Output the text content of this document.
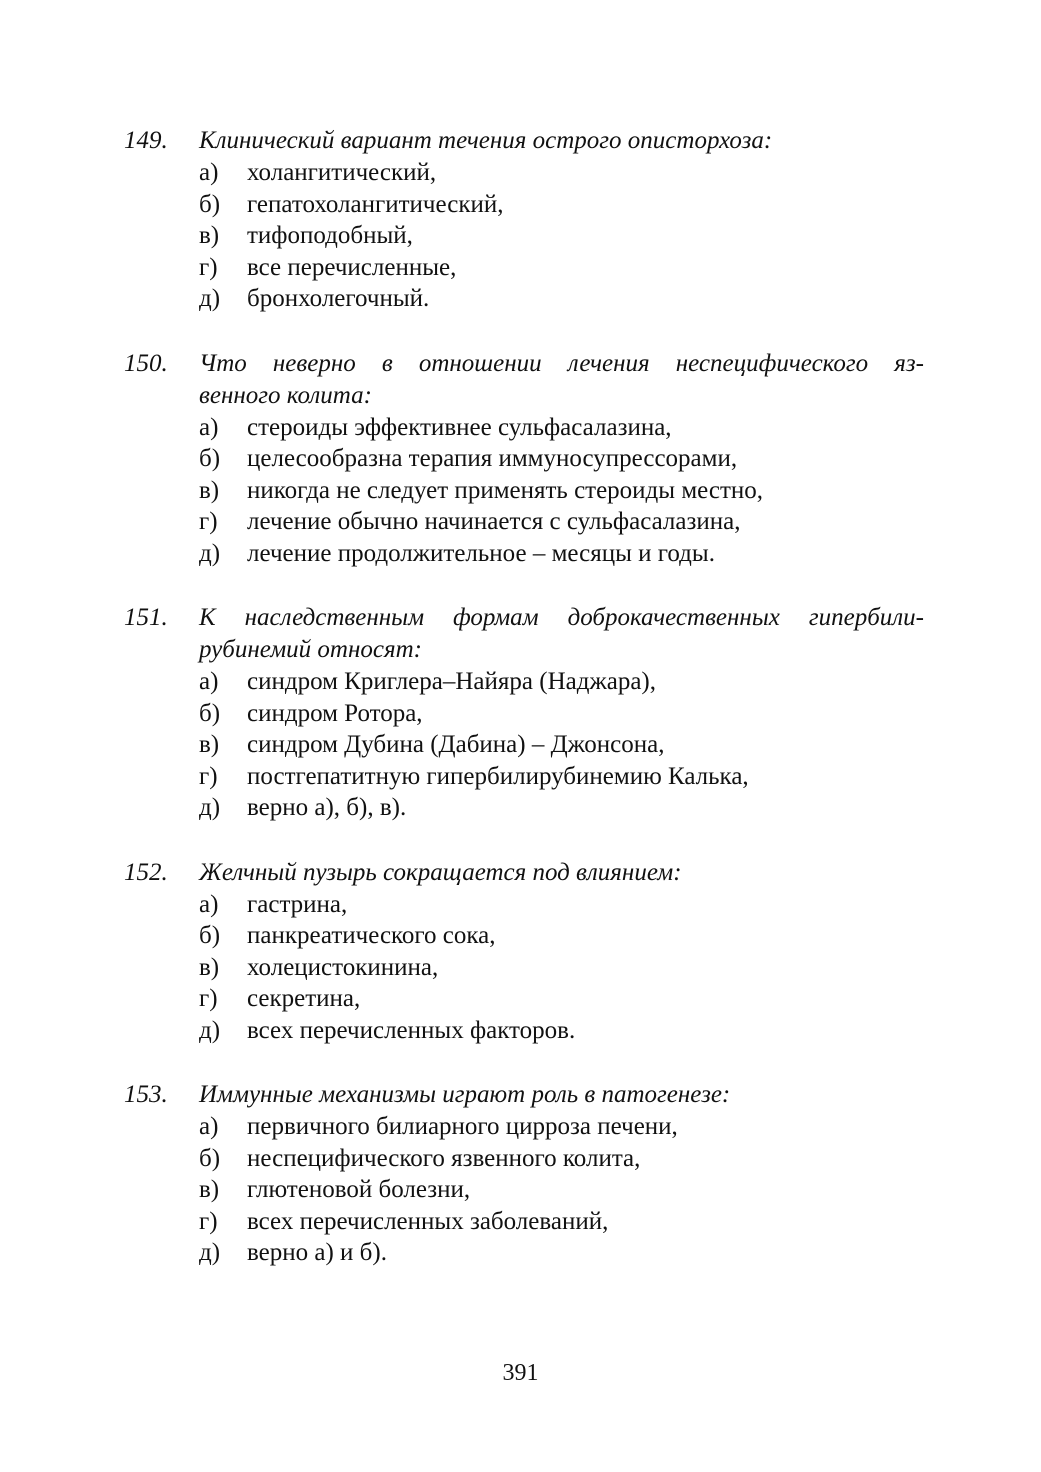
149.	Клинический вариант течения острого описторхоза:
а)	холангитический,
б)	гепатохолангитический,
в)	тифоподобный,
г)	все перечисленные,
д)	бронхолегочный.
150.	Что неверно в отношении лечения неспецифического яз-
венного колита:
а)	стероиды эффективнее сульфасалазина,
б)	целесообразна терапия иммуносупрессорами,
в)	никогда не следует применять стероиды местно,
г)	лечение обычно начинается с сульфасалазина,
д)	лечение продолжительное – месяцы и годы.
151.	К наследственным формам доброкачественных гипербили-
рубинемий относят:
а)	синдром Криглера–Найяра (Наджара),
б)	синдром Ротора,
в)	синдром Дубина (Дабина) – Джонсона,
г)	постгепатитную гипербилирубинемию Калька,
д)	верно а), б), в).
152.	Желчный пузырь сокращается под влиянием:
а)	гастрина,
б)	панкреатического сока,
в)	холецистокинина,
г)	секретина,
д)	всех перечисленных факторов.
153.	Иммунные механизмы играют роль в патогенезе:
а)	первичного билиарного цирроза печени,
б)	неспецифического язвенного колита,
в)	глютеновой болезни,
г)	всех перечисленных заболеваний,
д)	верно а) и б).
391
